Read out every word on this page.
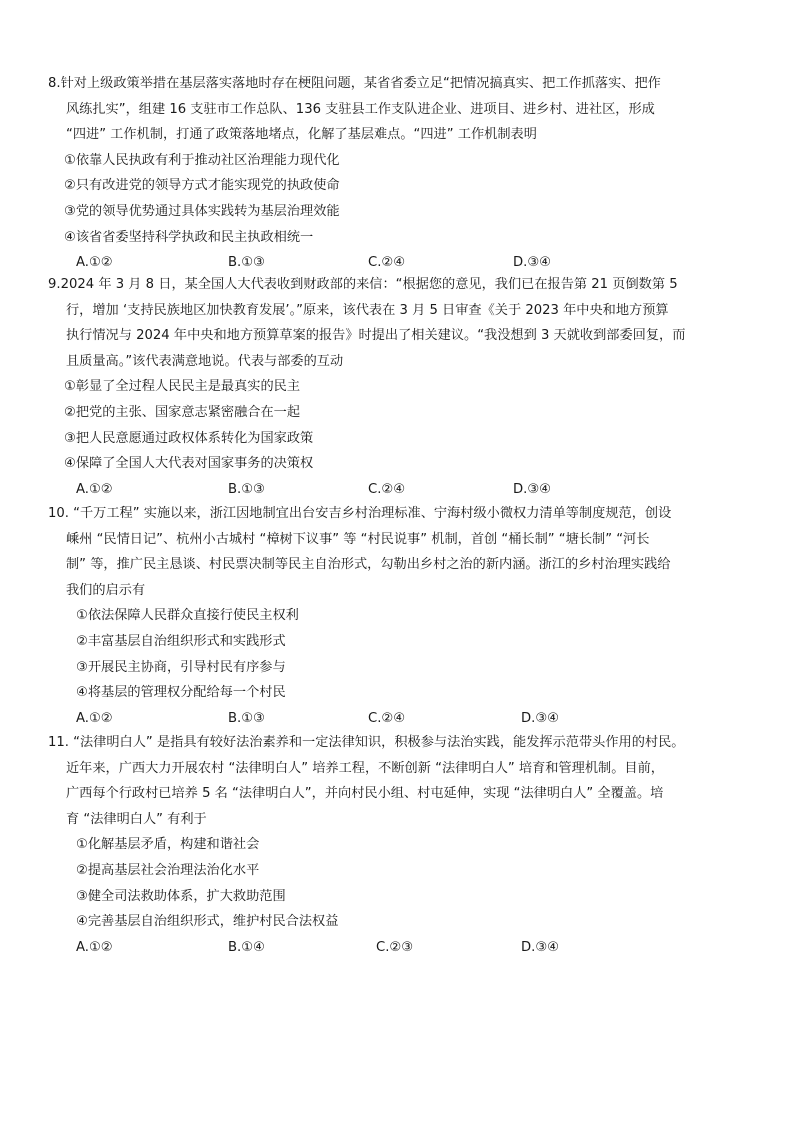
8.针对上级政策举措在基层落实落地时存在梗阻问题，某省省委立足“把情况搞真实、把工作抓落实、把作
风练扎实”，组建 16 支驻市工作总队、136 支驻县工作支队进企业、进项目、进乡村、进社区，形成
“四进” 工作机制，打通了政策落地堵点，化解了基层难点。“四进” 工作机制表明
①依靠人民执政有利于推动社区治理能力现代化
②只有改进党的领导方式才能实现党的执政使命
③党的领导优势通过具体实践转为基层治理效能
④该省省委坚持科学执政和民主执政相统一
A.①②	B.①③	C.②④	D.③④
9.2024 年 3 月 8 日，某全国人大代表收到财政部的来信：“根据您的意见，我们已在报告第 21 页倒数第 5
行，增加 ‘支持民族地区加快教育发展’。”原来，该代表在 3 月 5 日审查《关于 2023 年中央和地方预算
执行情况与 2024 年中央和地方预算草案的报告》时提出了相关建议。“我没想到 3 天就收到部委回复，而
且质量高。”该代表满意地说。代表与部委的互动
①彰显了全过程人民民主是最真实的民主
②把党的主张、国家意志紧密融合在一起
③把人民意愿通过政权体系转化为国家政策
④保障了全国人大代表对国家事务的决策权
A.①②	B.①③	C.②④	D.③④
10. “千万工程” 实施以来，浙江因地制宜出台安吉乡村治理标准、宁海村级小微权力清单等制度规范，创设
嵊州 “民情日记”、杭州小古城村 “樟树下议事” 等 “村民说事” 机制，首创 “桶长制” “塘长制” “河长
制” 等，推广民主恳谈、村民票决制等民主自治形式，勾勒出乡村之治的新内涵。浙江的乡村治理实践给
我们的启示有
①依法保障人民群众直接行使民主权利
②丰富基层自治组织形式和实践形式
③开展民主协商，引导村民有序参与
④将基层的管理权分配给每一个村民
A.①②	B.①③	C.②④	D.③④
11. “法律明白人” 是指具有较好法治素养和一定法律知识，积极参与法治实践，能发挥示范带头作用的村民。
近年来，广西大力开展农村 “法律明白人” 培养工程，不断创新 “法律明白人” 培育和管理机制。目前，
广西每个行政村已培养 5 名 “法律明白人”，并向村民小组、村屯延伸，实现 “法律明白人” 全覆盖。培
育 “法律明白人” 有利于
①化解基层矛盾，构建和谐社会
②提高基层社会治理法治化水平
③健全司法救助体系，扩大救助范围
④完善基层自治组织形式，维护村民合法权益
A.①②	B.①④	C.②③	D.③④
